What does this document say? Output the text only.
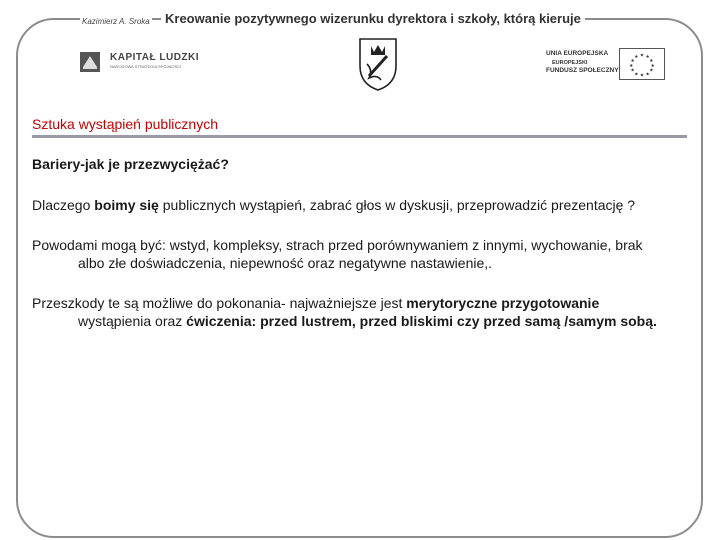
Kazimierz A. Sroka	Kreowanie pozytywnego wizerunku dyrektora i szkoły, którą kieruje
KAPITAŁ LUDZKI
NARODOWA STRATEGIA SPÓJNOŚCI
UNIA EUROPEJSKA
EUROPEJSKI
FUNDUSZ SPOŁECZNY
★ ★
★
★
★
★
★
★
★
★
★
★
Sztuka wystąpień publicznych
Bariery-jak je przezwyciężać?
Dlaczego boimy się publicznych wystąpień, zabrać głos w dyskusji, przeprowadzić prezentację ?
Powodami mogą być: wstyd, kompleksy, strach przed porównywaniem z innymi, wychowanie, brak
albo złe doświadczenia, niepewność oraz negatywne nastawienie,.
Przeszkody te są możliwe do pokonania- najważniejsze jest merytoryczne przygotowanie
wystąpienia oraz ćwiczenia: przed lustrem, przed bliskimi czy przed samą /samym sobą.
